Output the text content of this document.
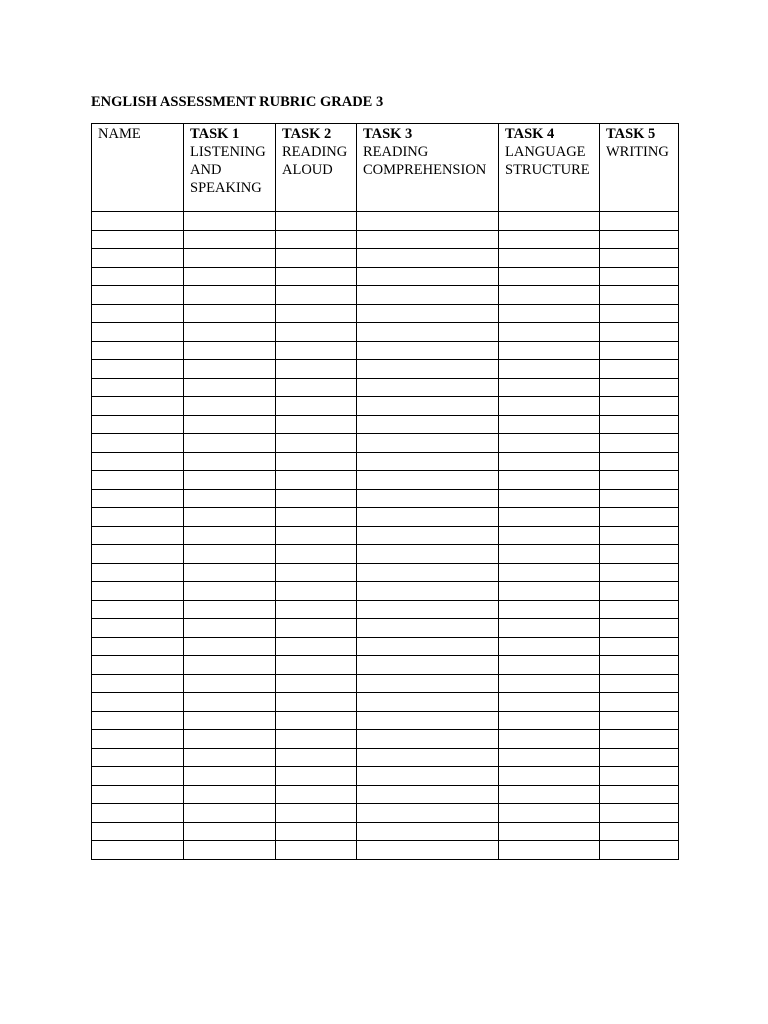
ENGLISH ASSESSMENT RUBRIC GRADE 3
NAME	TASK 1
LISTENING
AND
SPEAKING	TASK 2
READING
ALOUD	TASK 3
READING
COMPREHENSION	TASK 4
LANGUAGE
STRUCTURE	TASK 5
WRITING
